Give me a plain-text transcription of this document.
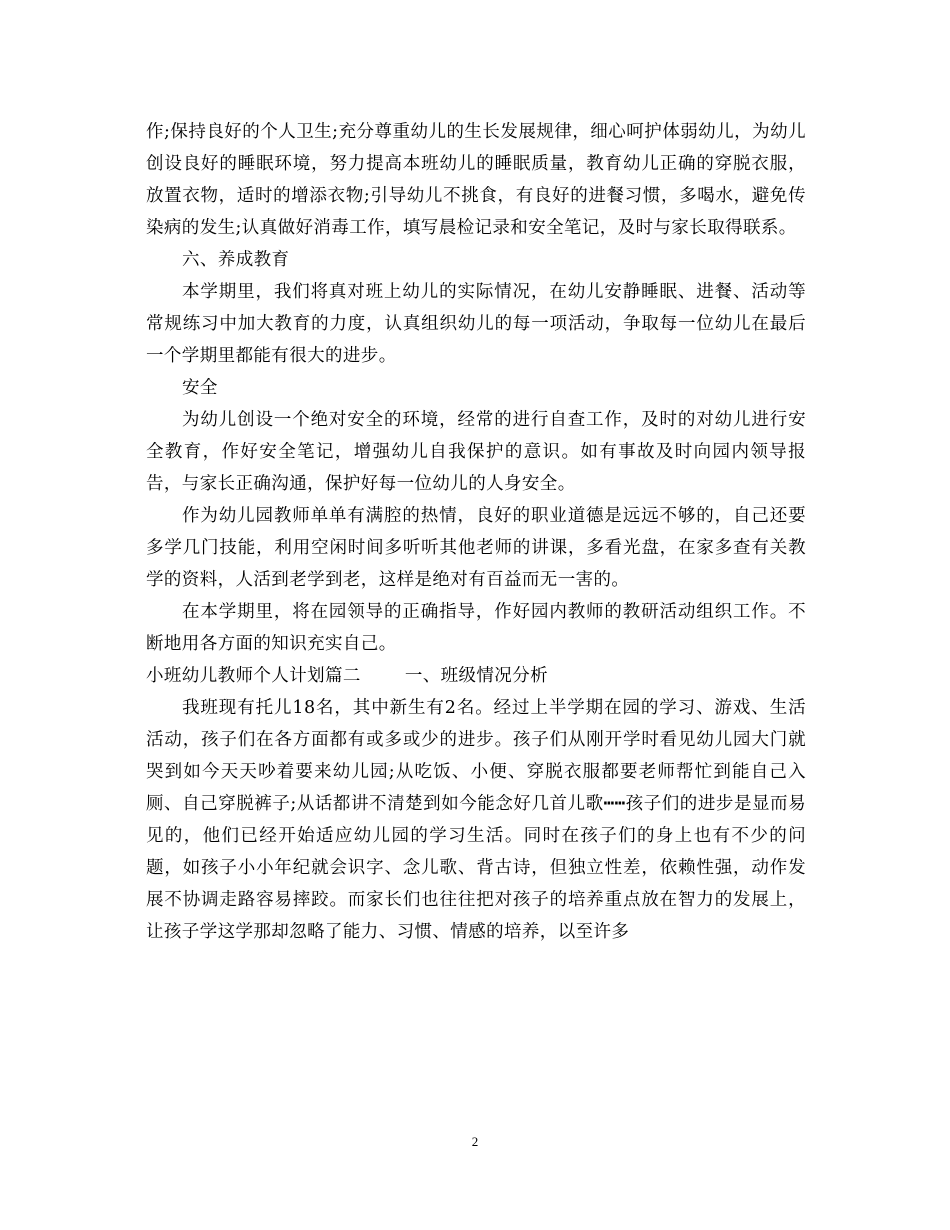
作;保持良好的个人卫生;充分尊重幼儿的生长发展规律，细心呵护体弱幼儿，为幼儿创设良好的睡眠环境，努力提高本班幼儿的睡眠质量，教育幼儿正确的穿脱衣服，放置衣物，适时的增添衣物;引导幼儿不挑食，有良好的进餐习惯，多喝水，避免传染病的发生;认真做好消毒工作，填写晨检记录和安全笔记，及时与家长取得联系。

六、养成教育

本学期里，我们将真对班上幼儿的实际情况，在幼儿安静睡眠、进餐、活动等常规练习中加大教育的力度，认真组织幼儿的每一项活动，争取每一位幼儿在最后一个学期里都能有很大的进步。

安全

为幼儿创设一个绝对安全的环境，经常的进行自查工作，及时的对幼儿进行安全教育，作好安全笔记，增强幼儿自我保护的意识。如有事故及时向园内领导报告，与家长正确沟通，保护好每一位幼儿的人身安全。

作为幼儿园教师单单有满腔的热情，良好的职业道德是远远不够的，自己还要多学几门技能，利用空闲时间多听听其他老师的讲课，多看光盘，在家多查有关教学的资料，人活到老学到老，这样是绝对有百益而无一害的。

在本学期里，将在园领导的正确指导，作好园内教师的教研活动组织工作。不断地用各方面的知识充实自己。

小班幼儿教师个人计划篇二	一、班级情况分析

我班现有托儿18名，其中新生有2名。经过上半学期在园的学习、游戏、生活活动，孩子们在各方面都有或多或少的进步。孩子们从刚开学时看见幼儿园大门就哭到如今天天吵着要来幼儿园;从吃饭、小便、穿脱衣服都要老师帮忙到能自己入厕、自己穿脱裤子;从话都讲不清楚到如今能念好几首儿歌┅┅孩子们的进步是显而易见的，他们已经开始适应幼儿园的学习生活。同时在孩子们的身上也有不少的问题，如孩子小小年纪就会识字、念儿歌、背古诗，但独立性差，依赖性强，动作发展不协调走路容易摔跤。而家长们也往往把对孩子的培养重点放在智力的发展上，让孩子学这学那却忽略了能力、习惯、情感的培养，以至许多

2
